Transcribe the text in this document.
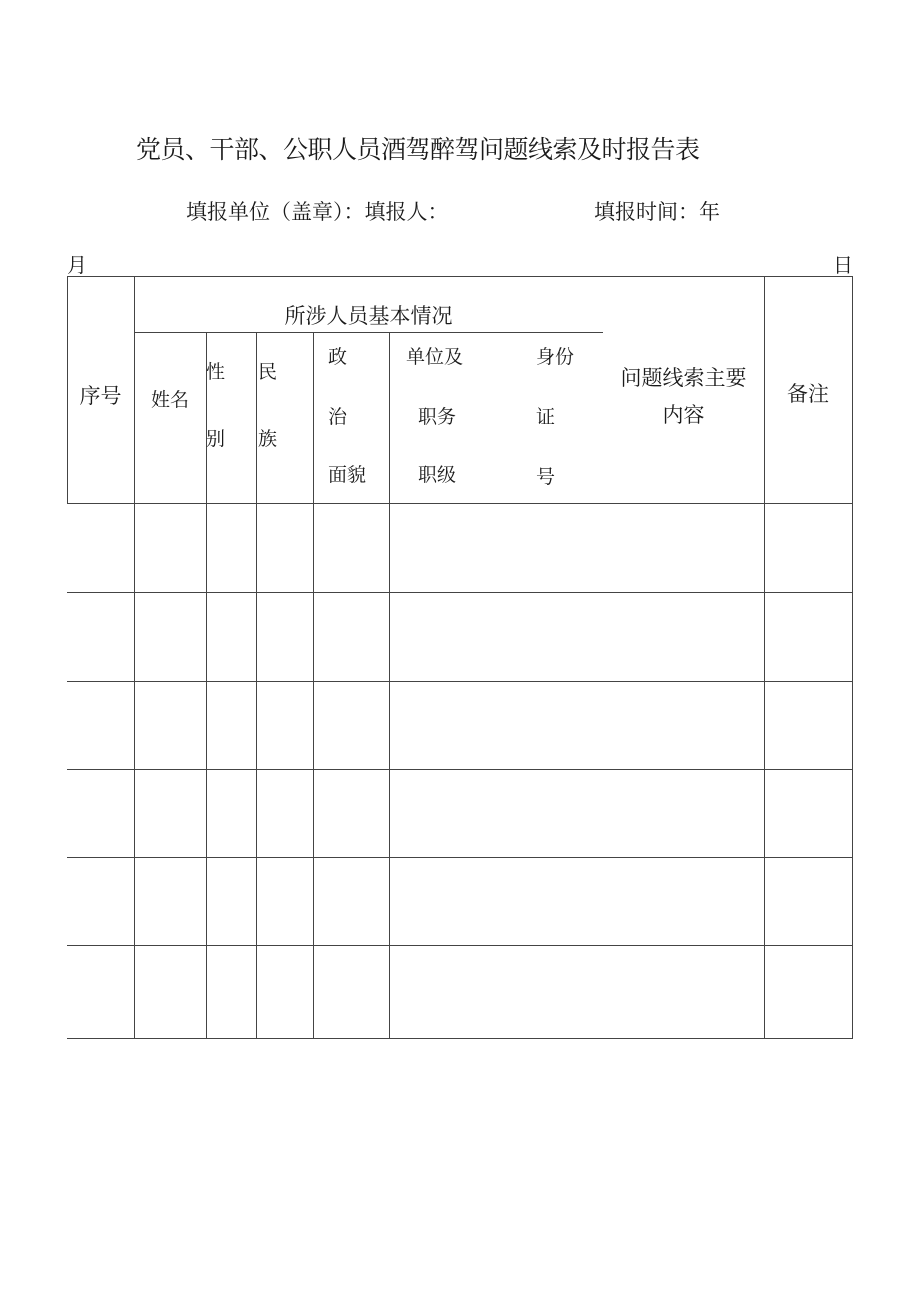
党员、干部、公职人员酒驾醉驾问题线索及时报告表
填报单位（盖章）：填报人：	填报时间：年
月	日
序号
所涉人员基本情况
姓名
性
别
民
族
政
治
面貌
单位及
职务
职级
身份
证
号
问题线索主要
内容
备注
